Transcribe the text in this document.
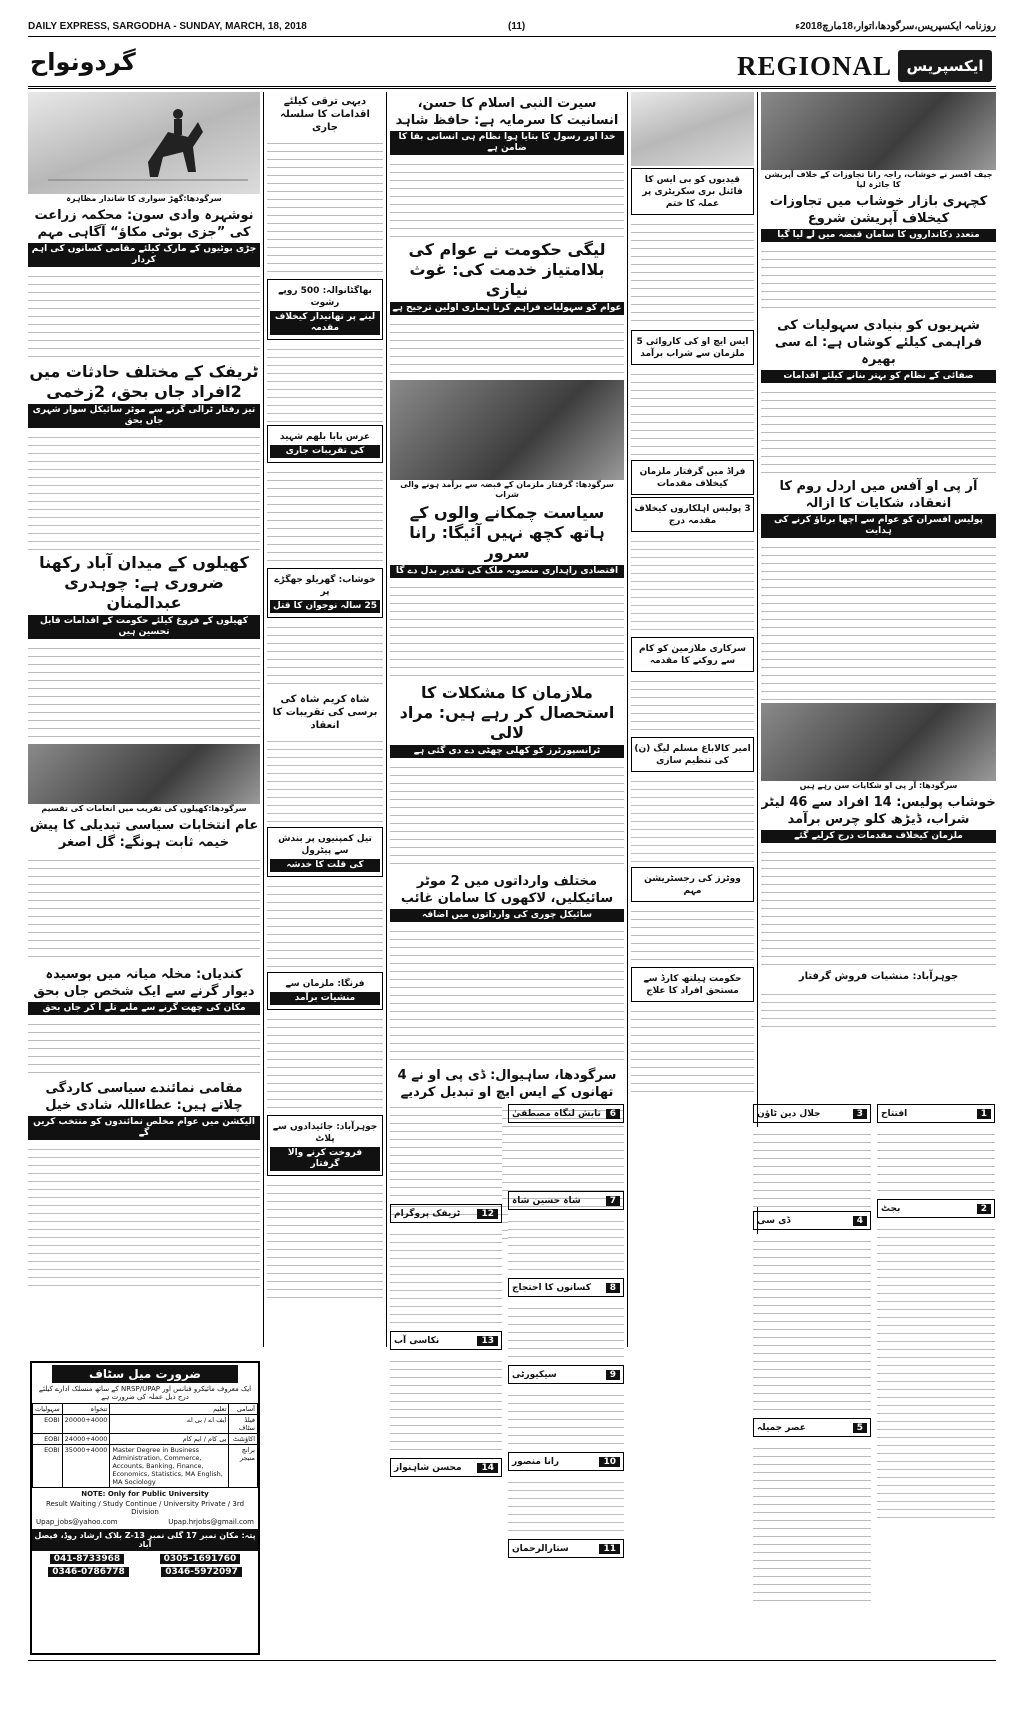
DAILY EXPRESS, SARGODHA - SUNDAY, MARCH, 18, 2018	(11)	روزنامہ ایکسپریس،سرگودھا،اتوار،18مارچ2018ء
گردونواح	REGIONAL ایکسپریس
سرگودھا:گھڑ سواری کا شاندار مظاہرہ
نوشہرہ وادی سون: محکمہ زراعت کی ”جزی بوٹی مکاؤ“ آگاہی مہم
جڑی بوٹیوں کے مارک کیلئے مقامی کسانوں کی اہم کردار

ٹریفک کے مختلف حادثات میں 2افراد جاں بحق، 2زخمی
تیز رفتار ٹرالی گرنے سے موٹر سائیکل سوار شہری جاں بحق

کھیلوں کے میدان آباد رکھنا ضروری ہے: چوہدری عبدالمنان
کھیلوں کے فروغ کیلئے حکومت کے اقدامات قابل تحسین ہیں

سرگودھا:کھیلوں کی تقریب میں انعامات کی تقسیم
عام انتخابات سیاسی تبدیلی کا پیش خیمہ ثابت ہونگے: گل اصغر

کندیاں: مخلہ میانہ میں بوسیدہ دیوار گرنے سے ایک شخص جاں بحق
مکان کی چھت گرنے سے ملبے تلے آ کر جاں بحق

مقامی نمائندے سیاسی کاردگی چلاتے ہیں: عطاءاللہ شادی خیل
الیکشن میں عوام مخلص نمائندوں کو منتخب کریں گے

دیہی ترقی کیلئے اقدامات کا سلسلہ جاری

بھاگٹانوالہ: 500 روپے رشوت
لینے پر تھانیدار کیخلاف مقدمہ

عرس بابا بلھم شہید
کی تقریبات جاری

خوشاب: گھریلو جھگڑے پر
25 سالہ نوجوان کا قتل

شاہ کریم شاہ کی برسی کی تقریبات کا انعقاد

تیل کمپنیوں پر بندش سے پیٹرول
کی قلت کا خدشہ

فرنگا: ملزمان سے
منشیات برآمد

جوہرآباد: جائیدادوں سے پلاٹ
فروخت کرنے والا گرفتار

سیرت النبی اسلام کا حسن، انسانیت کا سرمایہ ہے: حافظ شاہد
خدا اور رسول کا بتایا ہوا نظام ہی انسانی بقا کا ضامن ہے

لیگی حکومت نے عوام کی بلاامتیاز خدمت کی: غوث نیازی
عوام کو سہولیات فراہم کرنا ہماری اولین ترجیح ہے

سرگودھا: گرفتار ملزمان کے قبضہ سے برآمد ہونے والی شراب
سیاست چمکانے والوں کے ہاتھ کچھ نہیں آئیگا: رانا سرور
اقتصادی راہداری منصوبہ ملک کی تقدیر بدل دے گا

ملازمان کا مشکلات کا استحصال کر رہے ہیں: مراد لالی
ٹرانسپورٹرز کو کھلی چھٹی دے دی گئی ہے

مختلف وارداتوں میں 2 موٹر سائیکلیں، لاکھوں کا سامان غائب
سائیکل چوری کی وارداتوں میں اضافہ

سرگودھا، ساہیوال: ڈی پی او نے 4 تھانوں کے ایس ایچ او تبدیل کردیے

قیدیوں کو بی ایس کا فائنل بری سکریٹری پر عملہ کا ختم

ایس ایچ او کی کاروائی 5 ملزمان سے شراب برآمد

فراڈ میں گرفتار ملزمان کیخلاف مقدمات
3 پولیس اہلکاروں کیخلاف مقدمہ درج

سرکاری ملازمین کو کام سے روکنے کا مقدمہ

امیر کالاباغ مسلم لیگ (ن) کی تنظیم سازی

ووٹرز کی رجسٹریشن مہم

حکومت ہیلتھ کارڈ سے مستحق افراد کا علاج

جیف افسر نے خوشاب، راجہ رانا تجاوزات کے خلاف آپریشن کا جائزہ لیا
کچہری بازار خوشاب میں تجاوزات کیخلاف آپریشن شروع
متعدد دکانداروں کا سامان قبضہ میں لے لیا گیا

شہریوں کو بنیادی سہولیات کی فراہمی کیلئے کوشاں ہے: اے سی بھیرہ
صفائی کے نظام کو بہتر بنانے کیلئے اقدامات

آر پی او آفس میں اردل روم کا انعقاد، شکایات کا ازالہ
پولیس افسران کو عوام سے اچھا برتاؤ کرنے کی ہدایت

سرگودھا: آر پی او شکایات سن رہے ہیں
خوشاب پولیس: 14 افراد سے 46 لیٹر شراب، ڈیڑھ کلو چرس برآمد
ملزمان کیخلاف مقدمات درج کرلیے گئے

جوہرآباد: منشیات فروش گرفتار

1
افتتاح
2
بجٹ
3
جلال دین ٹاؤن
4
ڈی سی
5
عصر جمیلہ
6
تابش لنگاہ مصطفیٰ
7
شاہ حسین شاہ
8
کسانوں کا احتجاج
9
سیکیورٹی
10
رانا منصور
11
ستارالرحمان
12
ٹریفک پروگرام
13
نکاسی آب
14
محسن شاہنواز
ضرورت میل سٹاف
ایک معروف مائیکرو فنانس اور NRSP/UPAP کے ساتھ منسلک ادارے کیلئے درج ذیل عملہ کی ضرورت ہے
آسامی	تعلیم	تنخواہ	سہولیات
فیلڈ سٹاف	ایف اے / بی اے	20000+4000	EOBI
اکاؤنٹنٹ	بی کام / ایم کام	24000+4000	EOBI
برانچ منیجر	Master Degree in Business Administration, Commerce, Accounts, Banking, Finance, Economics, Statistics, MA English, MA Sociology	35000+4000	EOBI
NOTE: Only for Public University
Result Waiting / Study Continue / University Private / 3rd Division
Upap_jobs@yahoo.com	Upap.hrjobs@gmail.com
پتہ: مکان نمبر 17 گلی نمبر Z-13 بلاک ارشاد روڈ، فیصل آباد
041-8733968	0305-1691760
0346-0786778	0346-5972097
